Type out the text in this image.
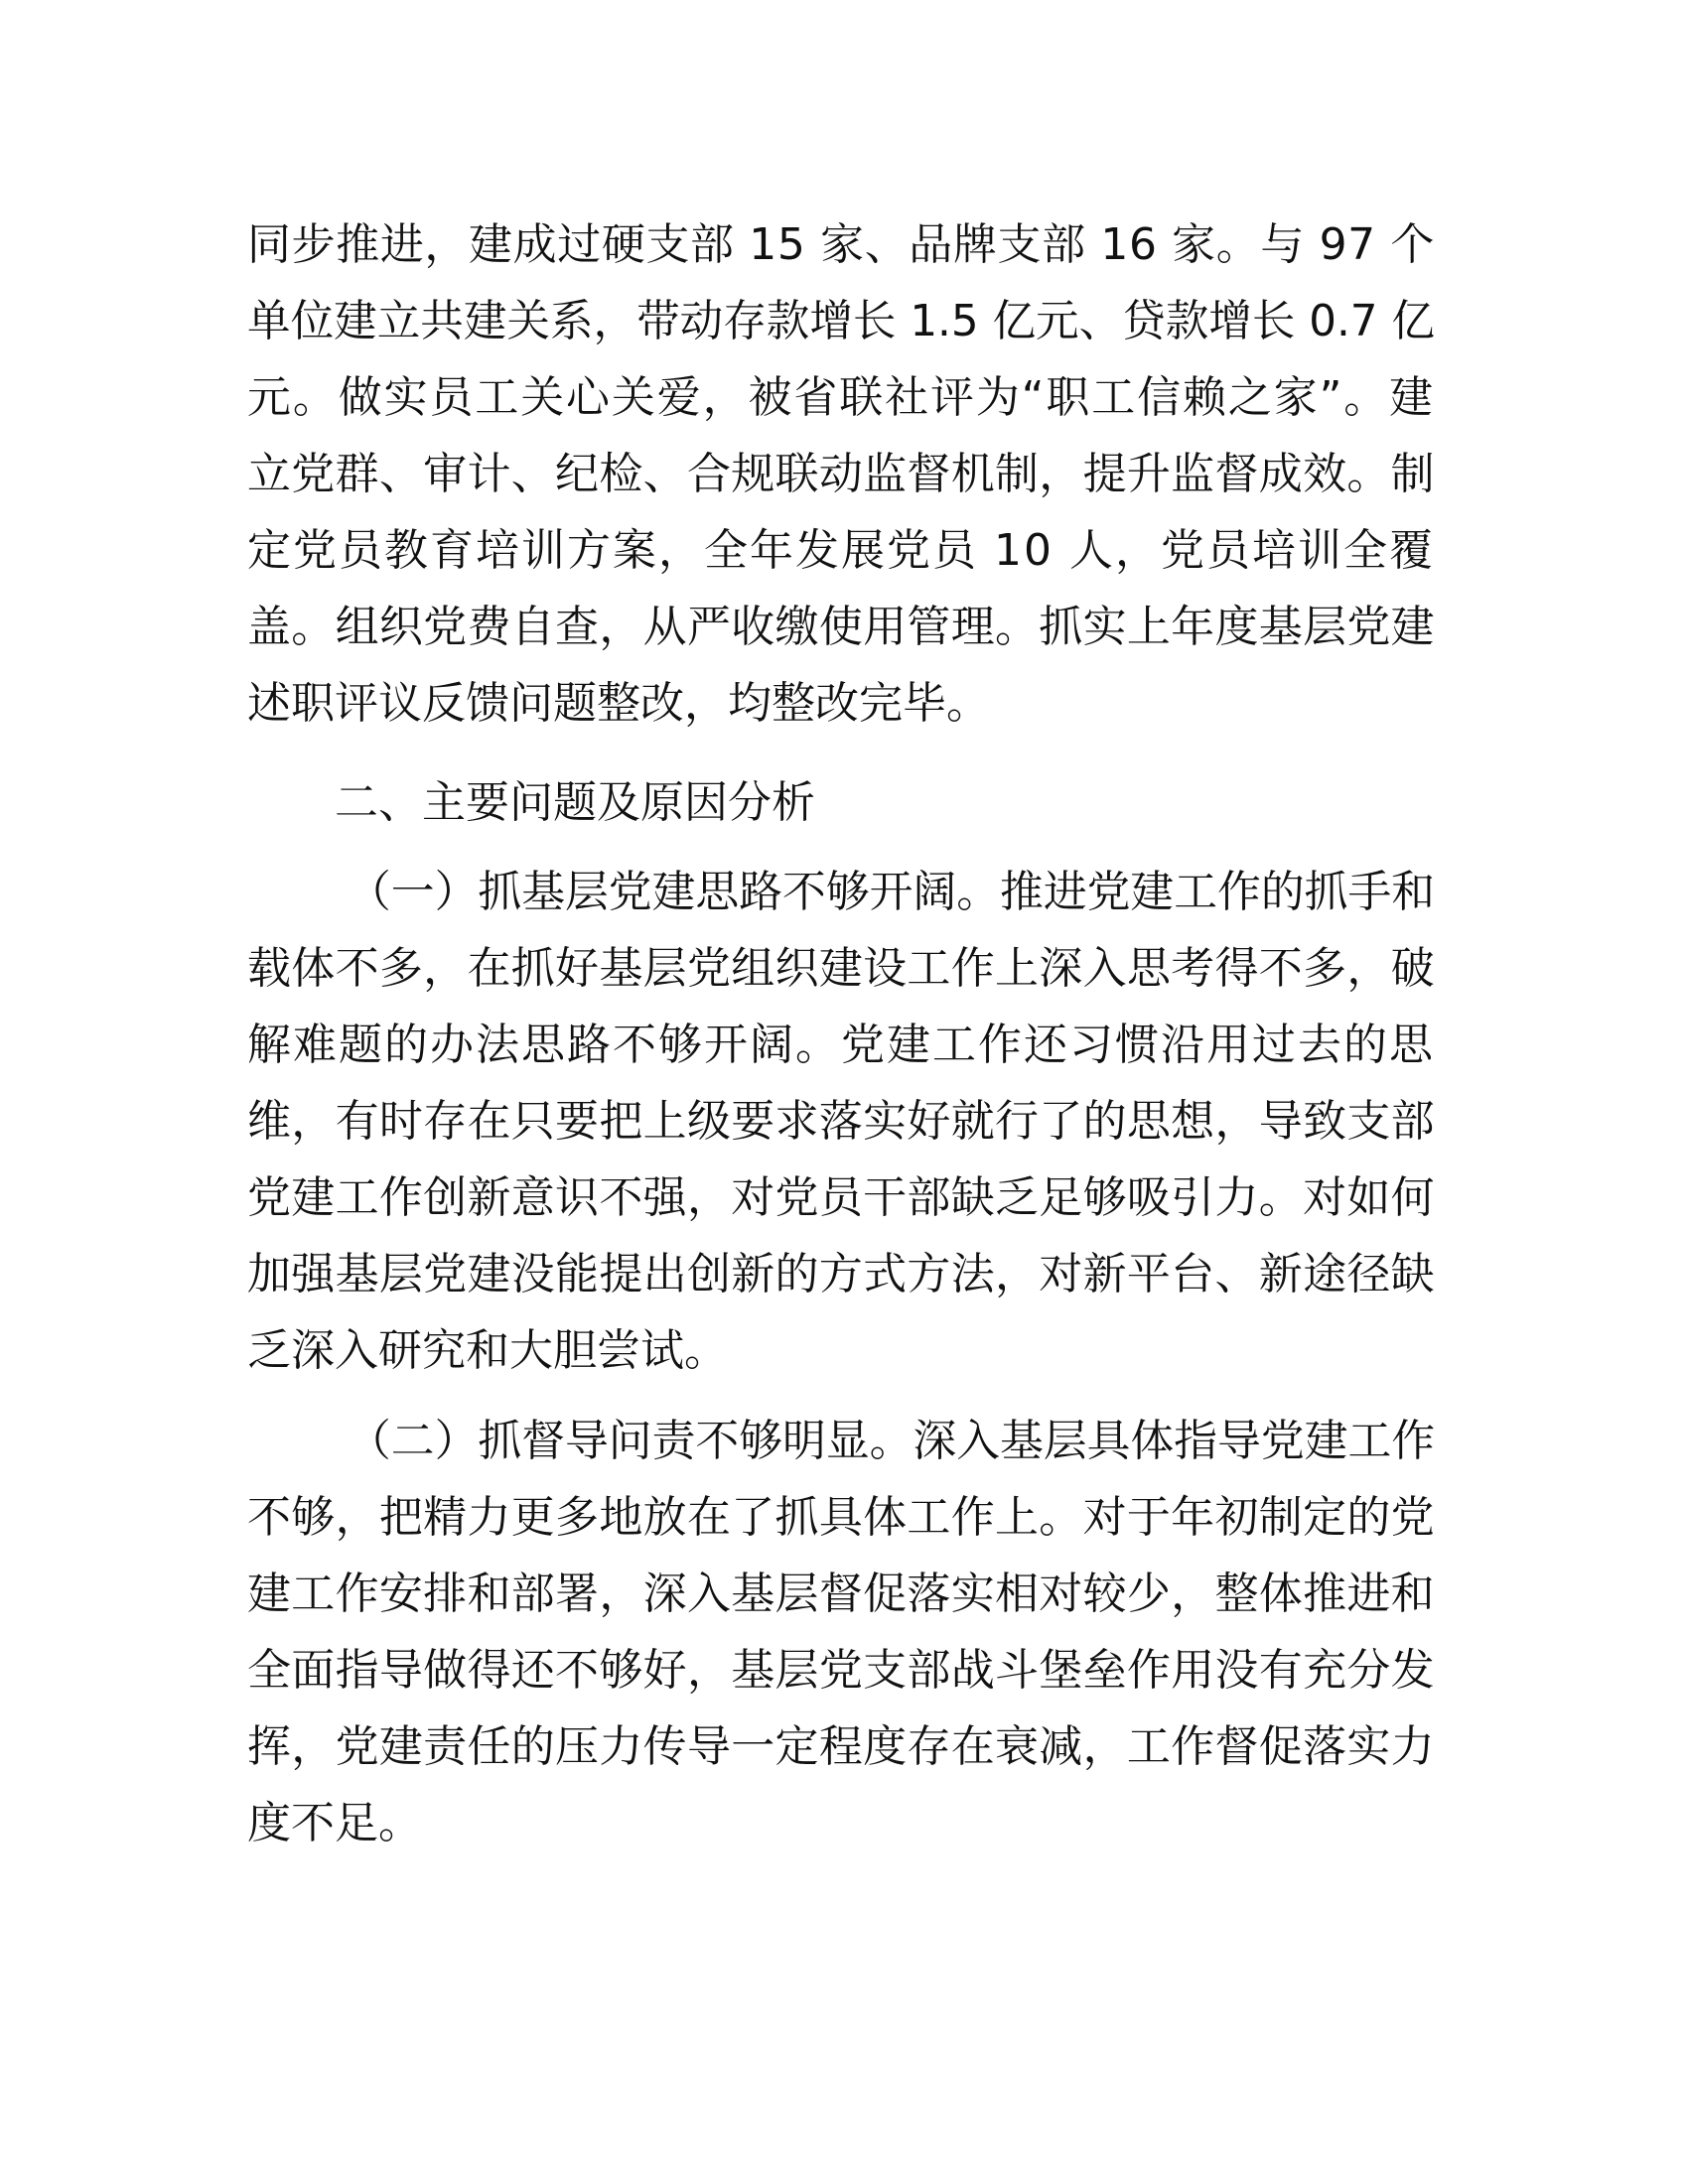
同步推进，建成过硬支部 15 家、品牌支部 16 家。与 97 个
单位建立共建关系，带动存款增长 1.5 亿元、贷款增长 0.7 亿
元。做实员工关心关爱，被省联社评为“职工信赖之家”。建
立党群、审计、纪检、合规联动监督机制，提升监督成效。制
定党员教育培训方案，全年发展党员 10 人，党员培训全覆
盖。组织党费自查，从严收缴使用管理。抓实上年度基层党建
述职评议反馈问题整改，均整改完毕。
二、主要问题及原因分析
（一）抓基层党建思路不够开阔。推进党建工作的抓手和
载体不多，在抓好基层党组织建设工作上深入思考得不多，破
解难题的办法思路不够开阔。党建工作还习惯沿用过去的思
维，有时存在只要把上级要求落实好就行了的思想，导致支部
党建工作创新意识不强，对党员干部缺乏足够吸引力。对如何
加强基层党建没能提出创新的方式方法，对新平台、新途径缺
乏深入研究和大胆尝试。
（二）抓督导问责不够明显。深入基层具体指导党建工作
不够，把精力更多地放在了抓具体工作上。对于年初制定的党
建工作安排和部署，深入基层督促落实相对较少，整体推进和
全面指导做得还不够好，基层党支部战斗堡垒作用没有充分发
挥，党建责任的压力传导一定程度存在衰减，工作督促落实力
度不足。
